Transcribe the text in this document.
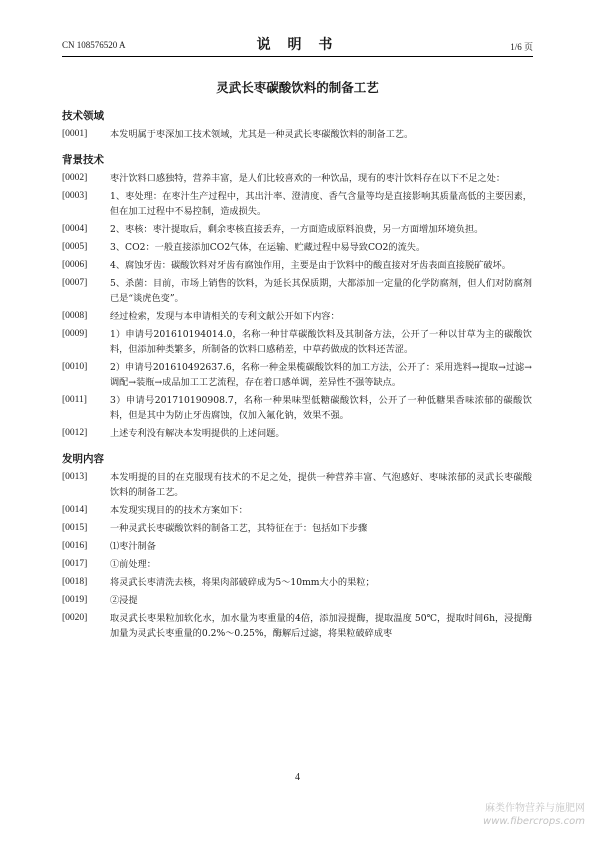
CN 108576520 A	说 明 书	1/6 页
灵武长枣碳酸饮料的制备工艺
技术领域
[0001]	本发明属于枣深加工技术领域，尤其是一种灵武长枣碳酸饮料的制备工艺。
背景技术
[0002]	枣汁饮料口感独特，营养丰富，是人们比较喜欢的一种饮品，现有的枣汁饮料存在以下不足之处：
[0003]	1、枣处理：在枣汁生产过程中，其出汁率、澄清度、香气含量等均是直接影响其质量高低的主要因素，但在加工过程中不易控制，造成损失。
[0004]	2、枣核：枣汁提取后，剩余枣核直接丢弃，一方面造成原料浪费，另一方面增加环境负担。
[0005]	3、CO2：一般直接添加CO2气体，在运输、贮藏过程中易导致CO2的流失。
[0006]	4、腐蚀牙齿：碳酸饮料对牙齿有腐蚀作用，主要是由于饮料中的酸直接对牙齿表面直接脱矿破坏。
[0007]	5、杀菌：目前，市场上销售的饮料，为延长其保质期，大都添加一定量的化学防腐剂，但人们对防腐剂已是“谈虎色变”。
[0008]	经过检索，发现与本申请相关的专利文献公开如下内容：
[0009]	1）申请号201610194014.0，名称一种甘草碳酸饮料及其制备方法，公开了一种以甘草为主的碳酸饮料，但添加种类繁多，所制备的饮料口感稍差，中草药做成的饮料还苦涩。
[0010]	2）申请号201610492637.6，名称一种金果榄碳酸饮料的加工方法，公开了：采用选料→提取→过滤→调配→装瓶→成品加工工艺流程，存在着口感单调，差异性不强等缺点。
[0011]	3）申请号201710190908.7，名称一种果味型低糖碳酸饮料，公开了一种低糖果香味浓郁的碳酸饮料，但是其中为防止牙齿腐蚀，仅加入氟化钠，效果不强。
[0012]	上述专利没有解决本发明提供的上述问题。
发明内容
[0013]	本发明提的目的在克服现有技术的不足之处，提供一种营养丰富、气泡感好、枣味浓郁的灵武长枣碳酸饮料的制备工艺。
[0014]	本发现实现目的的技术方案如下：
[0015]	一种灵武长枣碳酸饮料的制备工艺，其特征在于：包括如下步骤
[0016]	⑴枣汁制备
[0017]	①前处理：
[0018]	将灵武长枣清洗去核，将果肉部破碎成为5～10mm大小的果粒；
[0019]	②浸提
[0020]	取灵武长枣果粒加软化水，加水量为枣重量的4倍，添加浸提酶，提取温度 50℃，提取时间6h，浸提酶加量为灵武长枣重量的0.2%～0.25%，酶解后过滤，将果粒破碎成枣
4
麻类作物营养与施肥网
www.fibercrops.com
